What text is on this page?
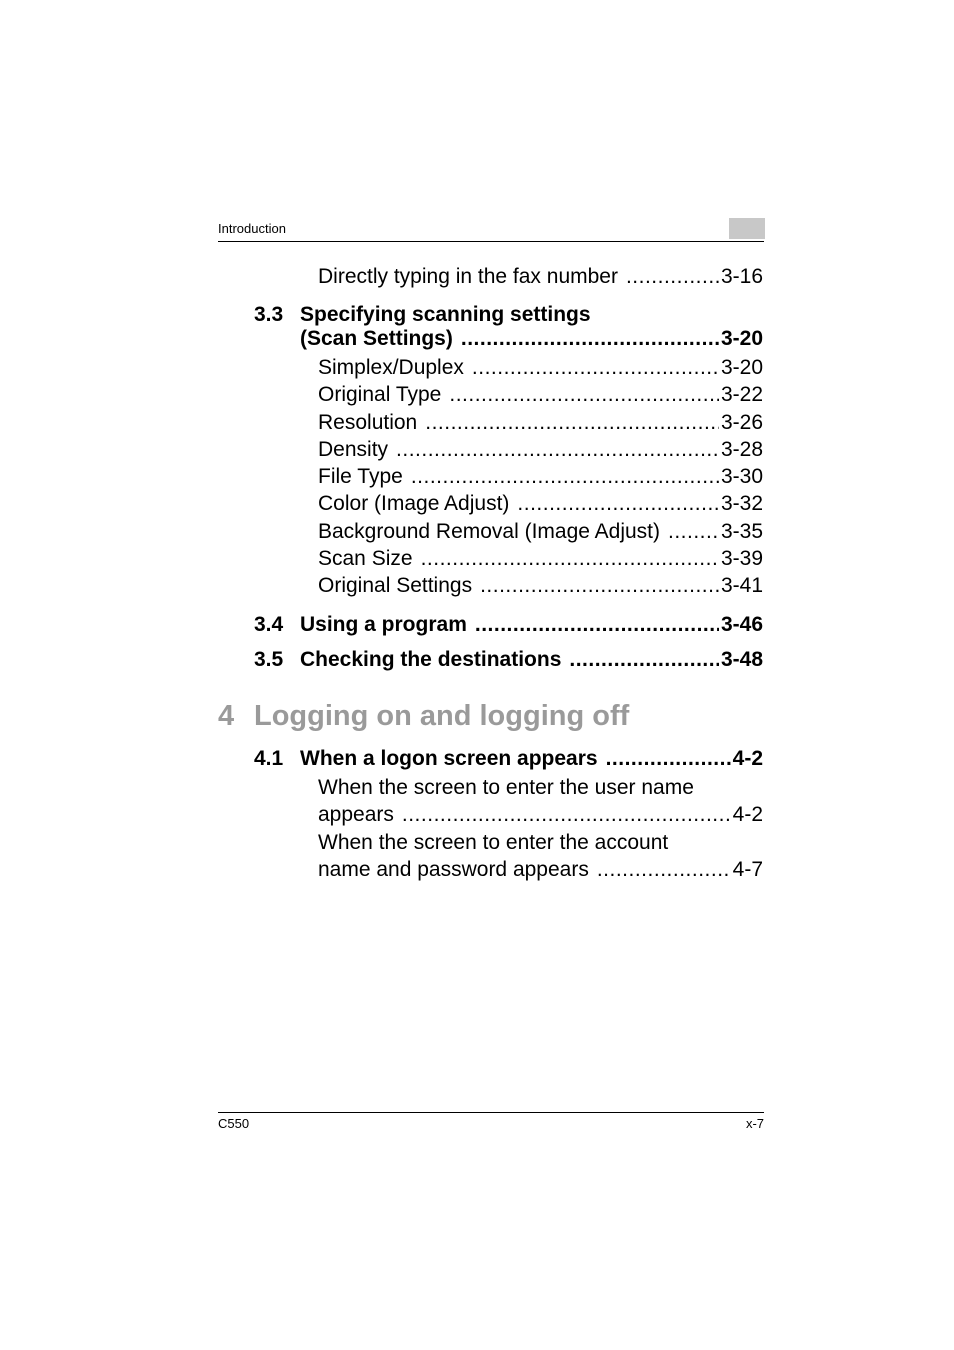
Introduction
Directly typing in the fax number .....	3-16
3.3 Specifying scanning settings
(Scan Settings) .....	3-20
Simplex/Duplex .....	3-20
Original Type .....	3-22
Resolution .....	3-26
Density .....	3-28
File Type .....	3-30
Color (Image Adjust) .....	3-32
Background Removal (Image Adjust) .....	3-35
Scan Size .....	3-39
Original Settings .....	3-41
3.4 Using a program .....	3-46
3.5 Checking the destinations .....	3-48
4 Logging on and logging off
4.1 When a logon screen appears .....	4-2
When the screen to enter the user name
appears .....	4-2
When the screen to enter the account
name and password appears .....	4-7
C550	x-7
